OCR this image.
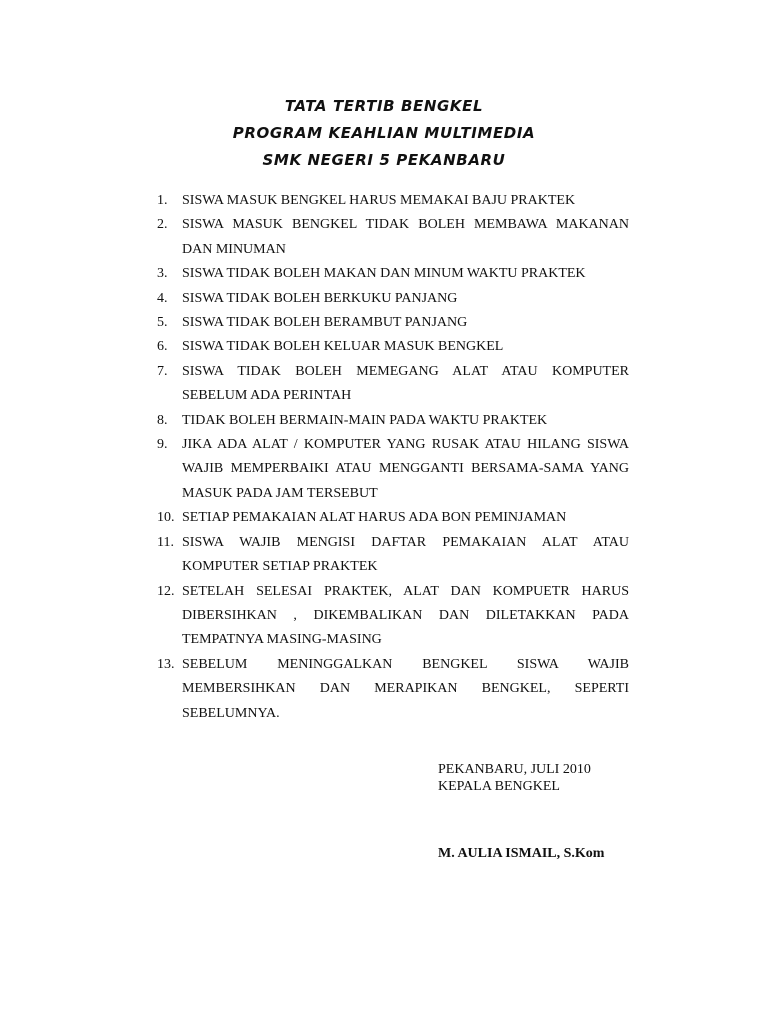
TATA TERTIB BENGKEL
PROGRAM KEAHLIAN MULTIMEDIA
SMK NEGERI 5 PEKANBARU
1. SISWA MASUK BENGKEL HARUS MEMAKAI BAJU PRAKTEK
2. SISWA MASUK BENGKEL TIDAK BOLEH MEMBAWA MAKANAN DAN MINUMAN
3. SISWA TIDAK BOLEH MAKAN DAN MINUM WAKTU PRAKTEK
4. SISWA TIDAK BOLEH BERKUKU PANJANG
5. SISWA TIDAK BOLEH BERAMBUT PANJANG
6. SISWA TIDAK BOLEH KELUAR MASUK BENGKEL
7. SISWA TIDAK BOLEH MEMEGANG ALAT ATAU KOMPUTER SEBELUM ADA PERINTAH
8. TIDAK BOLEH BERMAIN-MAIN PADA WAKTU PRAKTEK
9. JIKA ADA ALAT / KOMPUTER YANG RUSAK ATAU HILANG SISWA WAJIB MEMPERBAIKI ATAU MENGGANTI BERSAMA-SAMA YANG MASUK PADA JAM TERSEBUT
10. SETIAP PEMAKAIAN ALAT HARUS ADA BON PEMINJAMAN
11. SISWA WAJIB MENGISI DAFTAR PEMAKAIAN ALAT ATAU KOMPUTER SETIAP PRAKTEK
12. SETELAH SELESAI PRAKTEK, ALAT DAN KOMPUETR HARUS DIBERSIHKAN , DIKEMBALIKAN DAN DILETAKKAN PADA TEMPATNYA MASING-MASING
13. SEBELUM MENINGGALKAN BENGKEL SISWA WAJIB MEMBERSIHKAN DAN MERAPIKAN BENGKEL, SEPERTI SEBELUMNYA.
PEKANBARU, JULI 2010
KEPALA BENGKEL
M. AULIA ISMAIL, S.Kom
